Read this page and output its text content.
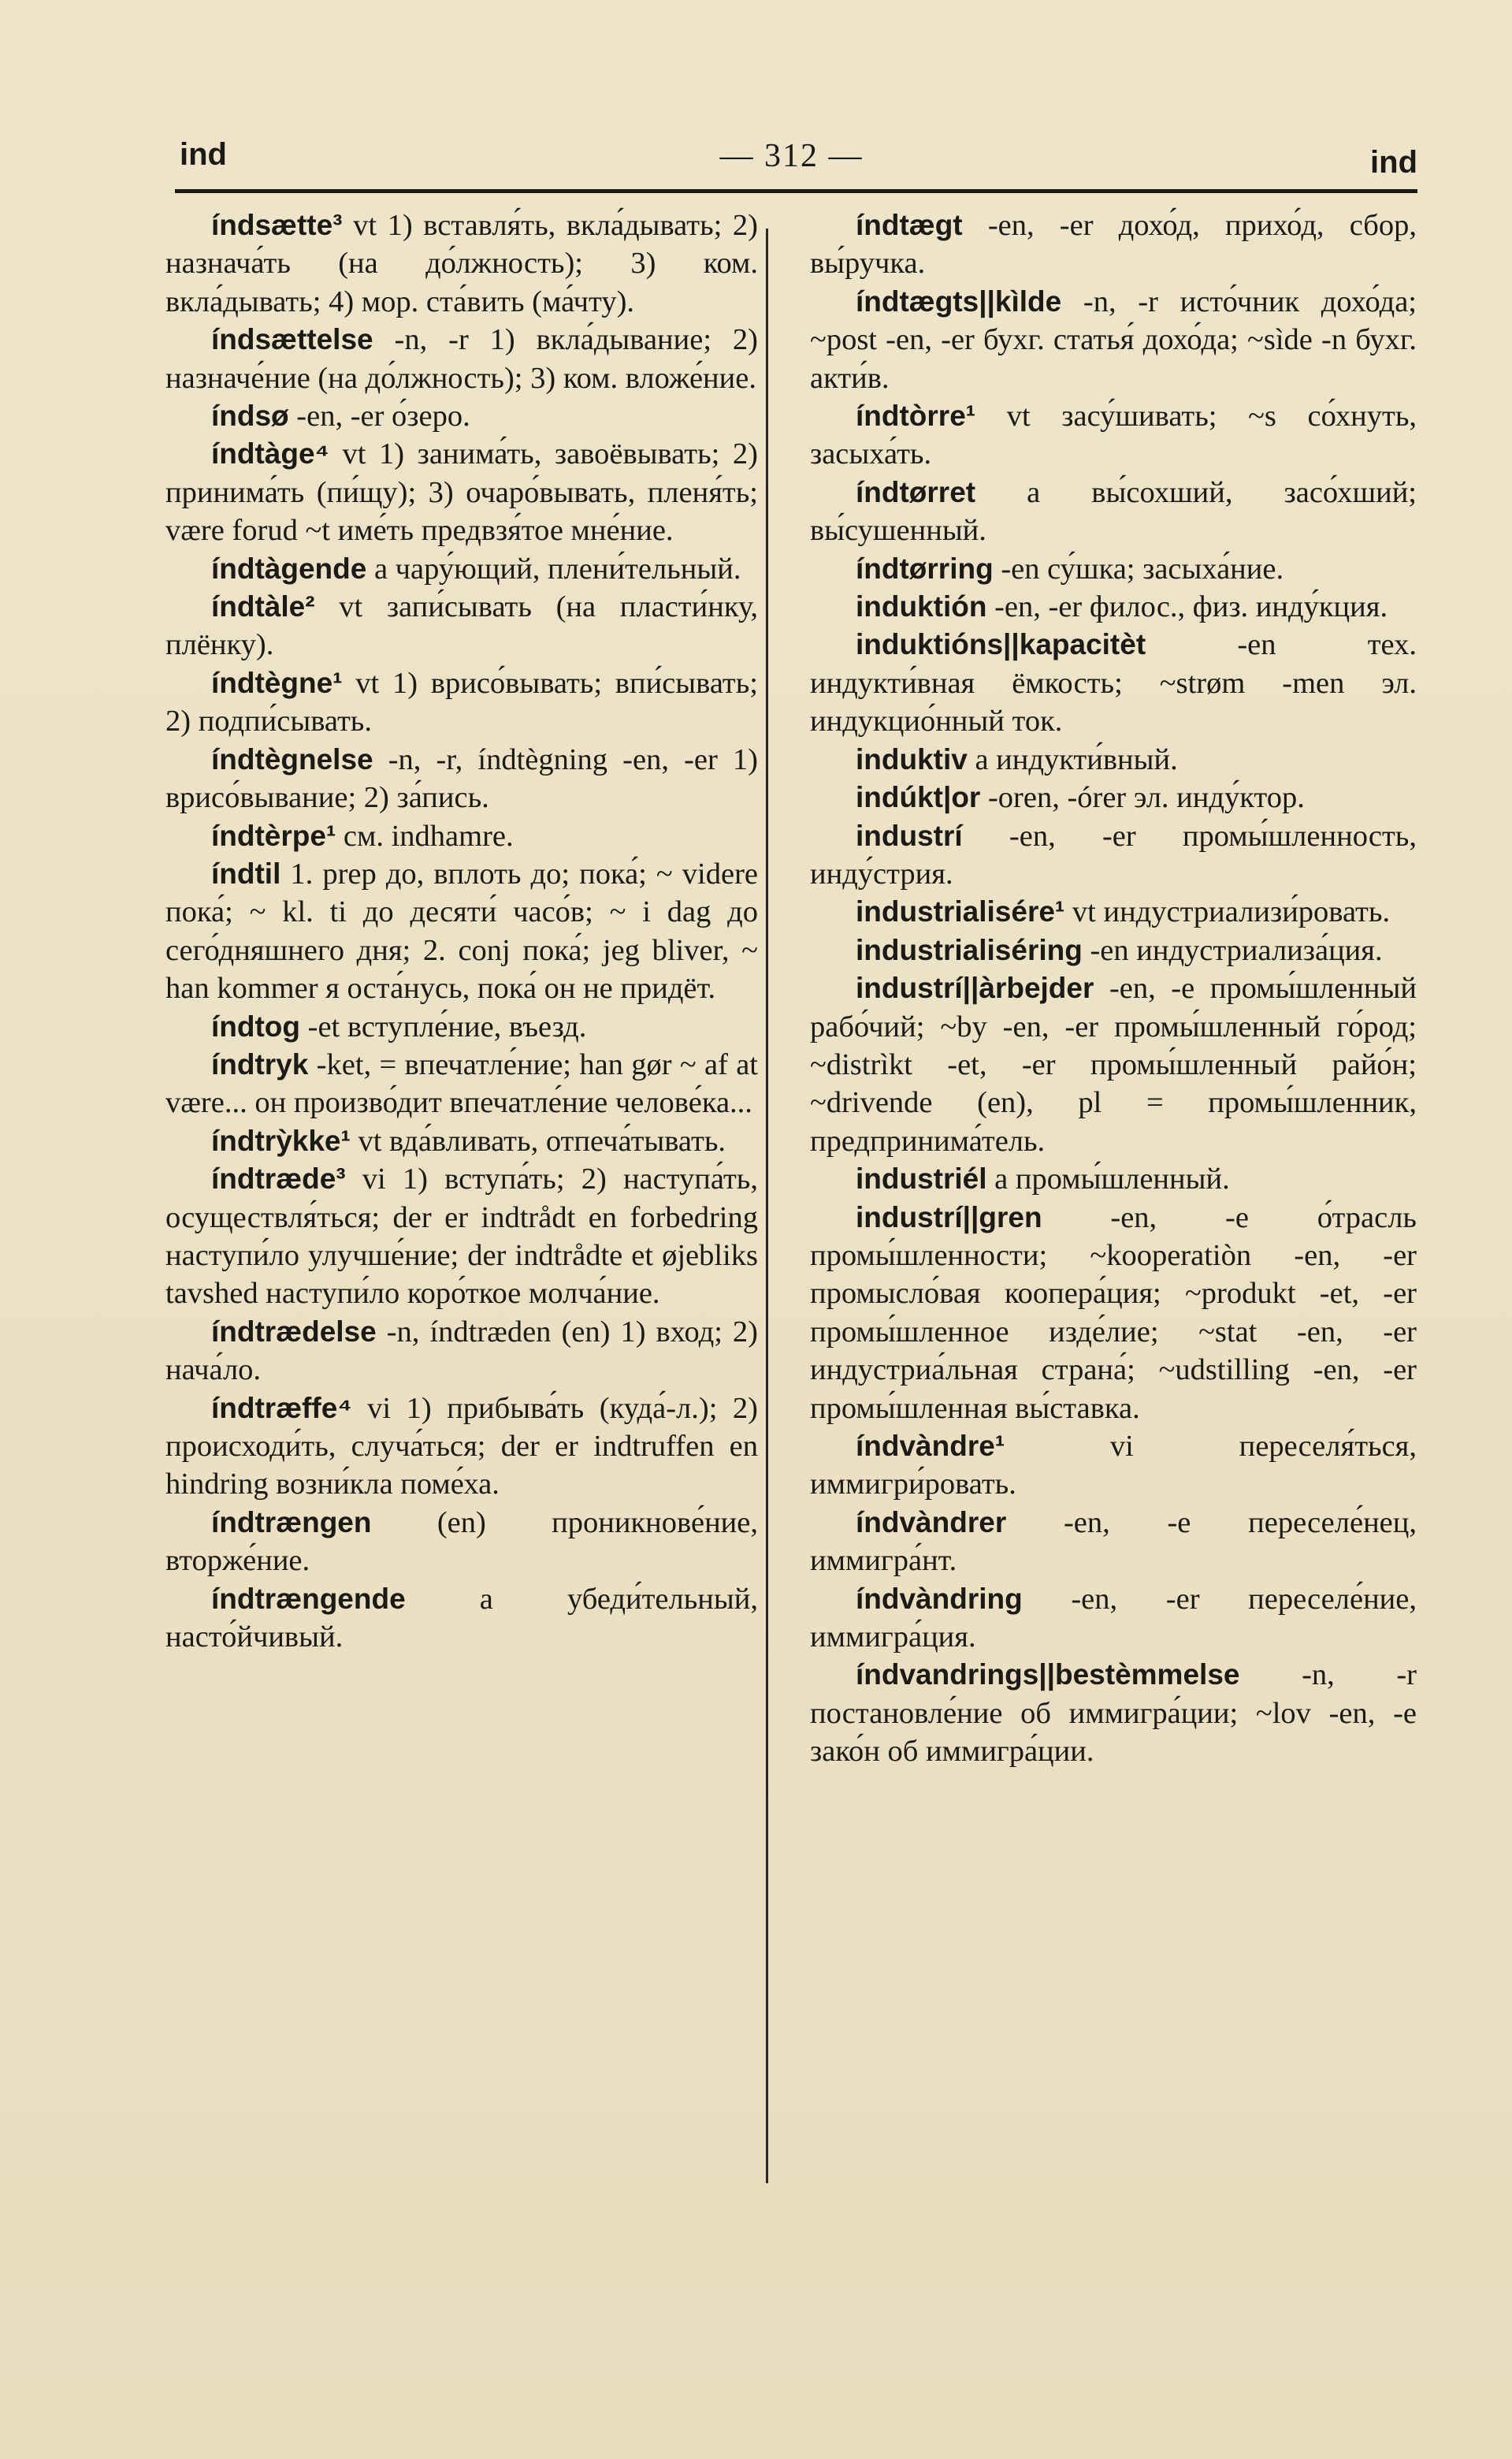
ind	— 312 —	ind

índsætte³ vt 1) вставля́ть, вкла́дывать; 2) назнача́ть (на до́лжность); 3) ком. вкла́дывать; 4) мор. ста́вить (ма́чту).

índsættelse -n, -r 1) вкла́дывание; 2) назначе́ние (на до́лжность); 3) ком. вложе́ние.

índsø -en, -er о́зеро.

índtàge⁴ vt 1) занима́ть, завоёвывать; 2) принима́ть (пи́щу); 3) очаро́вывать, пленя́ть; være forud ~t име́ть предвзя́тое мне́ние.

índtàgende a чару́ющий, плени́тельный.

índtàle² vt запи́сывать (на пласти́нку, плёнку).

índtègne¹ vt 1) врисо́вывать; впи́сывать; 2) подпи́сывать.

índtègnelse -n, -r, índtègning -en, -er 1) врисо́вывание; 2) за́пись.

índtèrpe¹ см. indhamre.

índtil 1. prep до, вплоть до; пока́; ~ videre пока́; ~ kl. ti до десяти́ часо́в; ~ i dag до сего́дняшнего дня; 2. conj пока́; jeg bliver, ~ han kommer я оста́нусь, пока́ он не придёт.

índtog -et вступле́ние, въезд.

índtryk -ket, = впечатле́ние; han gør ~ af at være... он произво́дит впечатле́ние челове́ка...

índtrỳkke¹ vt вда́вливать, отпеча́тывать.

índtræde³ vi 1) вступа́ть; 2) наступа́ть, осуществля́ться; der er indtrådt en forbedring наступи́ло улучше́ние; der indtrådte et øjebliks tavshed наступи́ло коро́ткое молча́ние.

índtrædelse -n, índtræden (en) 1) вход; 2) нача́ло.

índtræffe⁴ vi 1) прибыва́ть (куда́-л.); 2) происходи́ть, случа́ться; der er indtruffen en hindring возни́кла поме́ха.

índtrængen (en) проникнове́ние, вторже́ние.

índtrængende a убеди́тельный, насто́йчивый.

índtægt -en, -er дохо́д, прихо́д, сбор, вы́ручка.

índtægts||kìlde -n, -r исто́чник дохо́да; ~post -en, -er бухг. статья́ дохо́да; ~sìde -n бухг. акти́в.

índtòrre¹ vt засу́шивать; ~s со́хнуть, засыха́ть.

índtørret a вы́сохший, засо́хший; вы́сушенный.

índtørring -en су́шка; засыха́ние.

induktión -en, -er филос., физ. инду́кция.

induktións||kapacitèt -en тех. индукти́вная ёмкость; ~strøm -men эл. индукцио́нный ток.

induktiv a индукти́вный.

indúkt|or -oren, -órer эл. инду́ктор.

industrí -en, -er промы́шленность, инду́стрия.

industrialisére¹ vt индустриализи́ровать.

industrialiséring -en индустриализа́ция.

industrí||àrbejder -en, -e промы́шленный рабо́чий; ~by -en, -er промы́шленный го́род; ~distrìkt -et, -er промы́шленный райо́н; ~drivende (en), pl = промы́шленник, предпринима́тель.

industriél a промы́шленный.

industrí||gren -en, -e о́трасль промы́шленности; ~kooperatiòn -en, -er промысло́вая коопера́ция; ~produkt -et, -er промы́шленное изде́лие; ~stat -en, -er индустриа́льная страна́; ~udstilling -en, -er промы́шленная вы́ставка.

índvàndre¹ vi переселя́ться, иммигри́ровать.

índvàndrer -en, -e переселе́нец, иммигра́нт.

índvàndring -en, -er переселе́ние, иммигра́ция.

índvandrings||bestèmmelse -n, -r постановле́ние об иммигра́ции; ~lov -en, -e зако́н об иммигра́ции.
